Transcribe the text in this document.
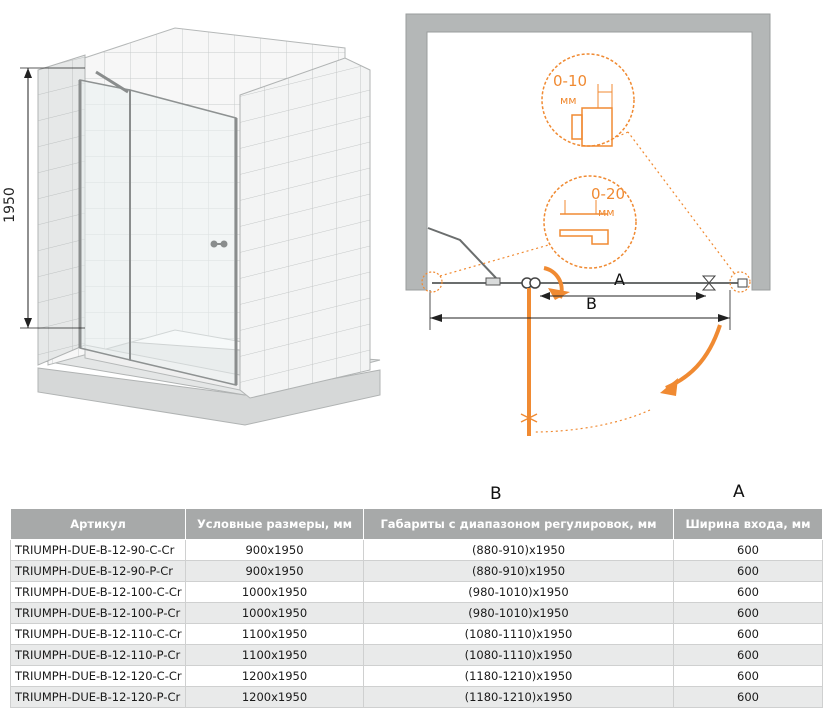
1950
A
B
0-10
мм
0-20
мм
B	A
Артикул	Условные размеры, мм	Габариты с диапазоном регулировок, мм	Ширина входа, мм
TRIUMPH-DUE-B-12-90-C-Cr	900x1950	(880-910)x1950	600
TRIUMPH-DUE-B-12-90-P-Cr	900x1950	(880-910)x1950	600
TRIUMPH-DUE-B-12-100-C-Cr	1000x1950	(980-1010)x1950	600
TRIUMPH-DUE-B-12-100-P-Cr	1000x1950	(980-1010)x1950	600
TRIUMPH-DUE-B-12-110-C-Cr	1100x1950	(1080-1110)x1950	600
TRIUMPH-DUE-B-12-110-P-Cr	1100x1950	(1080-1110)x1950	600
TRIUMPH-DUE-B-12-120-C-Cr	1200x1950	(1180-1210)x1950	600
TRIUMPH-DUE-B-12-120-P-Cr	1200x1950	(1180-1210)x1950	600
